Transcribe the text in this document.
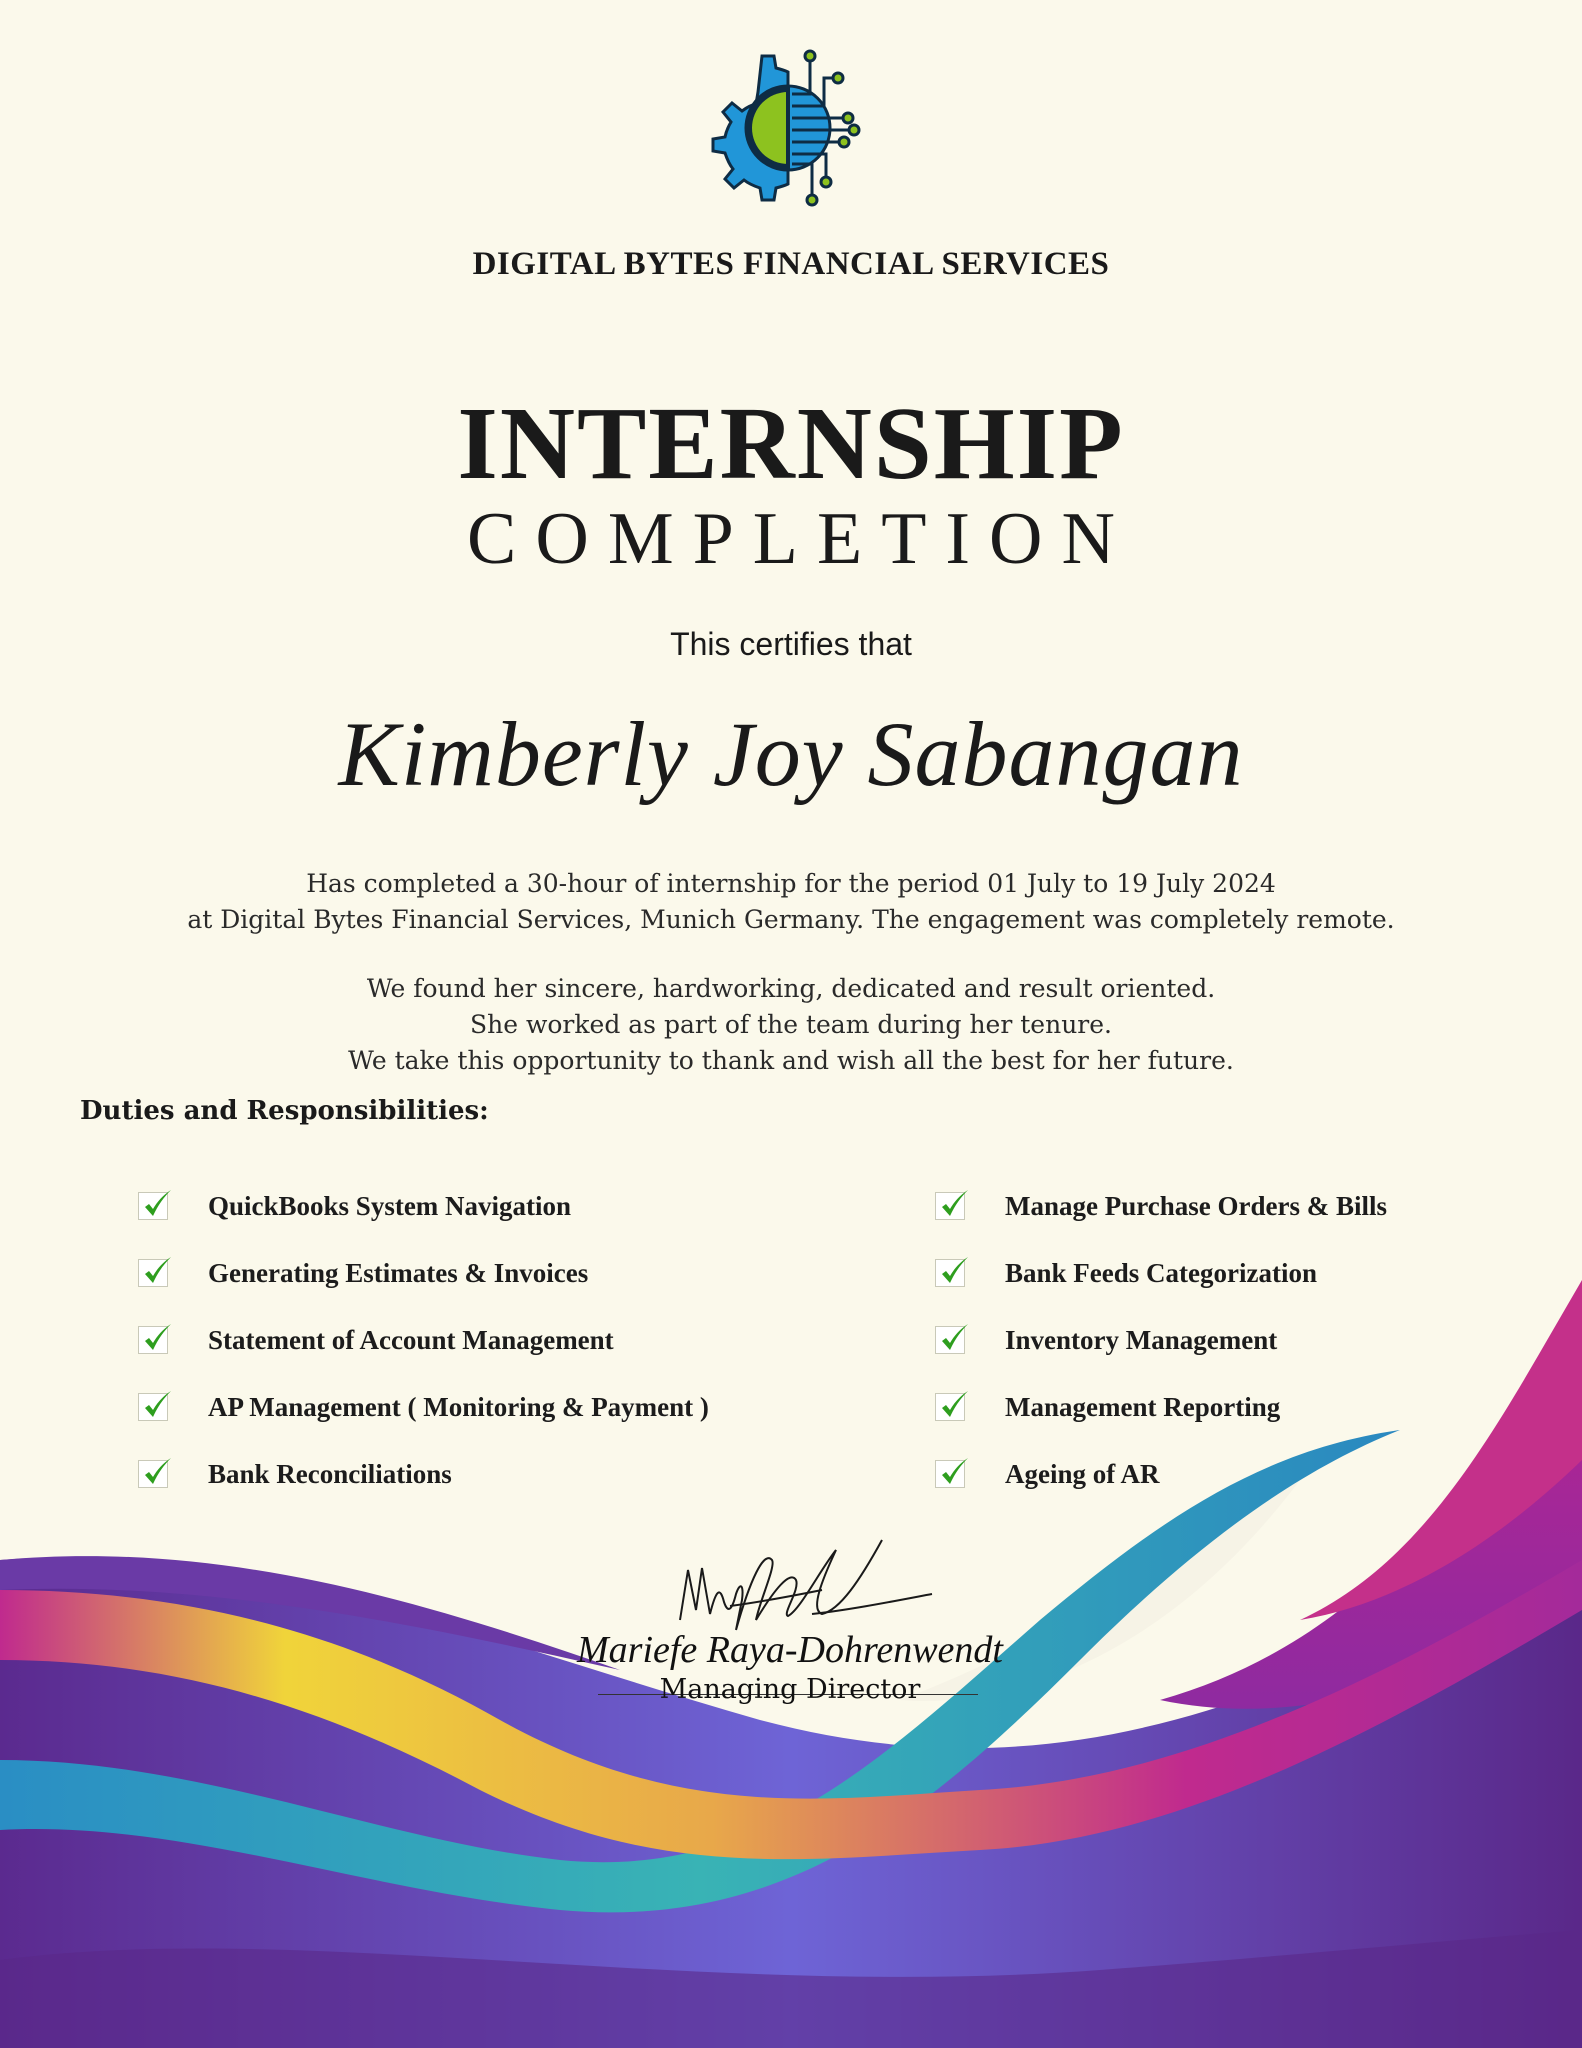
DIGITAL BYTES FINANCIAL SERVICES
INTERNSHIP
COMPLETION
This certifies that
Kimberly Joy Sabangan
Has completed a 30-hour of internship for the period 01 July to 19 July 2024
at Digital Bytes Financial Services, Munich Germany. The engagement was completely remote.
We found her sincere, hardworking, dedicated and result oriented.
She worked as part of the team during her tenure.
We take this opportunity to thank and wish all the best for her future.
Duties and Responsibilities:
QuickBooks System Navigation
Generating Estimates & Invoices
Statement of Account Management
AP Management ( Monitoring & Payment )
Bank Reconciliations
Manage Purchase Orders & Bills
Bank Feeds Categorization
Inventory Management
Management Reporting
Ageing of AR
Mariefe Raya-Dohrenwendt
Managing Director
